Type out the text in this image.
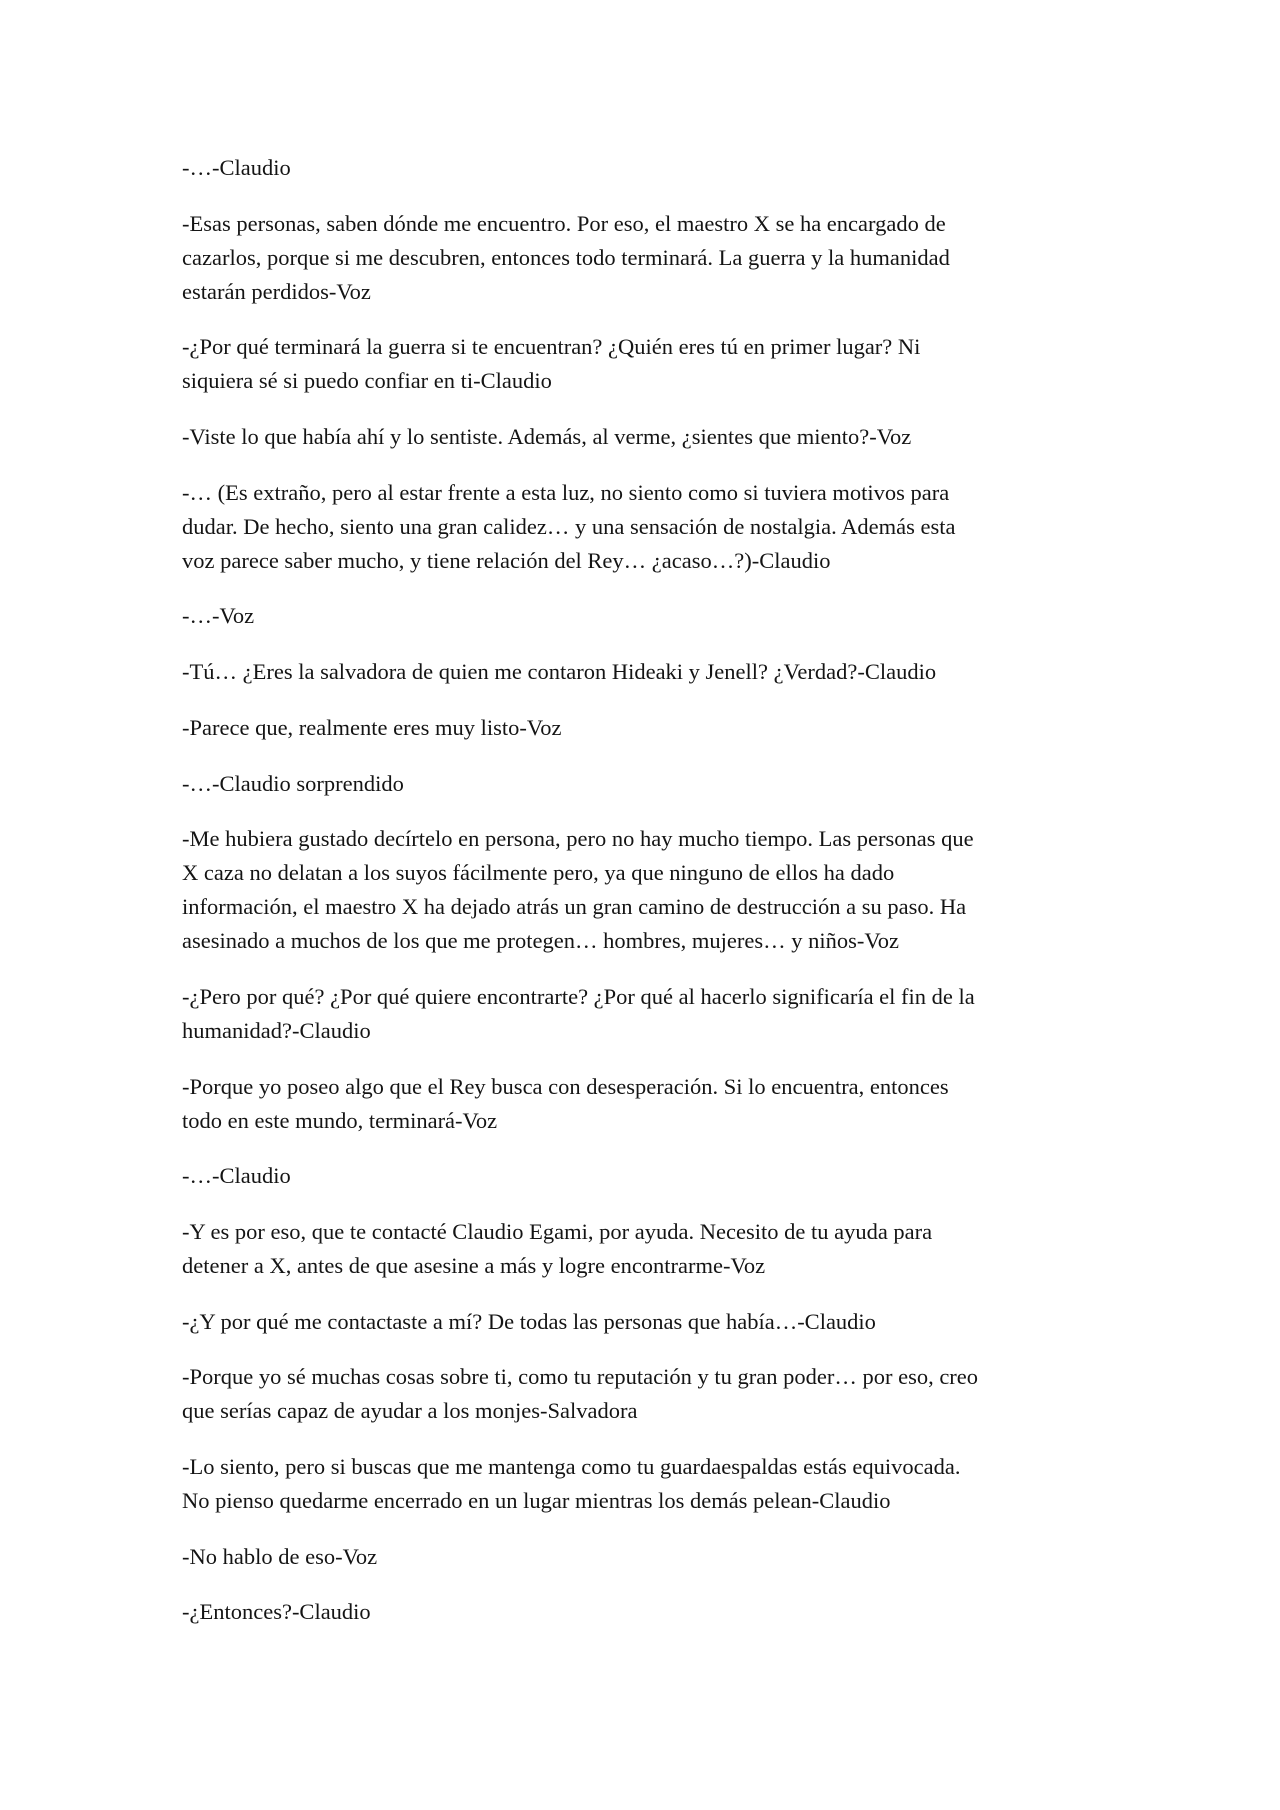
-…-Claudio

-Esas personas, saben dónde me encuentro. Por eso, el maestro X se ha encargado de
cazarlos, porque si me descubren, entonces todo terminará. La guerra y la humanidad
estarán perdidos-Voz

-¿Por qué terminará la guerra si te encuentran? ¿Quién eres tú en primer lugar? Ni
siquiera sé si puedo confiar en ti-Claudio

-Viste lo que había ahí y lo sentiste. Además, al verme, ¿sientes que miento?-Voz

-… (Es extraño, pero al estar frente a esta luz, no siento como si tuviera motivos para
dudar. De hecho, siento una gran calidez… y una sensación de nostalgia. Además esta
voz parece saber mucho, y tiene relación del Rey… ¿acaso…?)-Claudio

-…-Voz

-Tú… ¿Eres la salvadora de quien me contaron Hideaki y Jenell? ¿Verdad?-Claudio

-Parece que, realmente eres muy listo-Voz

-…-Claudio sorprendido

-Me hubiera gustado decírtelo en persona, pero no hay mucho tiempo. Las personas que
X caza no delatan a los suyos fácilmente pero, ya que ninguno de ellos ha dado
información, el maestro X ha dejado atrás un gran camino de destrucción a su paso. Ha
asesinado a muchos de los que me protegen… hombres, mujeres… y niños-Voz

-¿Pero por qué? ¿Por qué quiere encontrarte? ¿Por qué al hacerlo significaría el fin de la
humanidad?-Claudio

-Porque yo poseo algo que el Rey busca con desesperación. Si lo encuentra, entonces
todo en este mundo, terminará-Voz

-…-Claudio

-Y es por eso, que te contacté Claudio Egami, por ayuda. Necesito de tu ayuda para
detener a X, antes de que asesine a más y logre encontrarme-Voz

-¿Y por qué me contactaste a mí? De todas las personas que había…-Claudio

-Porque yo sé muchas cosas sobre ti, como tu reputación y tu gran poder… por eso, creo
que serías capaz de ayudar a los monjes-Salvadora

-Lo siento, pero si buscas que me mantenga como tu guardaespaldas estás equivocada.
No pienso quedarme encerrado en un lugar mientras los demás pelean-Claudio

-No hablo de eso-Voz

-¿Entonces?-Claudio
